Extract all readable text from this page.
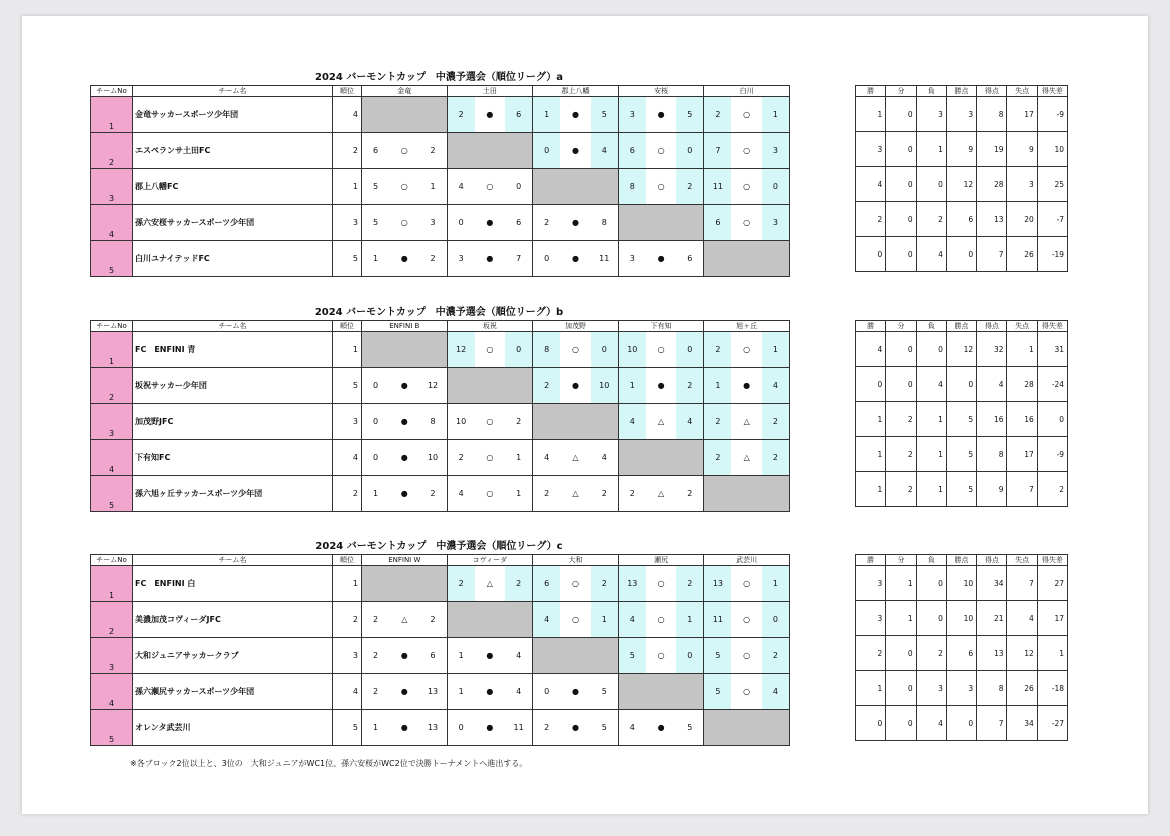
2024 バーモントカップ　中濃予選会（順位リーグ）a
チームNo	チーム名	順位	金竜	土田	郡上八幡	安桜	白川
1	金竜サッカースポーツ少年団	4		2 ● 6	1 ● 5	3 ● 5	2 ○ 1

2	エスペランサ土田FC	2	6 ○ 2		0 ● 4	6 ○ 0	7 ○ 3

3	郡上八幡FC	1	5 ○ 1	4 ○ 0		8 ○ 2	11 ○ 0

4	孫六安桜サッカースポーツ少年団	3	5 ○ 3	0 ● 6	2 ● 8		6 ○ 3

5	白川ユナイテッドFC	5	1 ● 2	3 ● 7	0 ● 11	3 ● 6	

勝	分	負	勝点	得点	失点	得失差
1	0	3	3	8	17	-9
3	0	1	9	19	9	10
4	0	0	12	28	3	25
2	0	2	6	13	20	-7
0	0	4	0	7	26	-19
2024 バーモントカップ　中濃予選会（順位リーグ）b
チームNo	チーム名	順位	ENFINI B	坂祝	加茂野	下有知	旭ヶ丘
1	FC　ENFINI 青	1		12 ○ 0	8 ○ 0	10 ○ 0	2 ○ 1

2	坂祝サッカー少年団	5	0 ● 12		2 ● 10	1 ● 2	1 ● 4

3	加茂野JFC	3	0 ● 8	10 ○ 2		4 △ 4	2 △ 2

4	下有知FC	4	0 ● 10	2 ○ 1	4 △ 4		2 △ 2

5	孫六旭ヶ丘サッカースポーツ少年団	2	1 ● 2	4 ○ 1	2 △ 2	2 △ 2	

勝	分	負	勝点	得点	失点	得失差
4	0	0	12	32	1	31
0	0	4	0	4	28	-24
1	2	1	5	16	16	0
1	2	1	5	8	17	-9
1	2	1	5	9	7	2
2024 バーモントカップ　中濃予選会（順位リーグ）c
チームNo	チーム名	順位	ENFINI W	コヴィーダ	大和	瀬尻	武芸川
1	FC　ENFINI 白	1		2 △ 2	6 ○ 2	13 ○ 2	13 ○ 1

2	美濃加茂コヴィーダJFC	2	2 △ 2		4 ○ 1	4 ○ 1	11 ○ 0

3	大和ジュニアサッカークラブ	3	2 ● 6	1 ● 4		5 ○ 0	5 ○ 2

4	孫六瀬尻サッカースポーツ少年団	4	2 ● 13	1 ● 4	0 ● 5		5 ○ 4

5	オレンタ武芸川	5	1 ● 13	0 ● 11	2 ● 5	4 ● 5	

勝	分	負	勝点	得点	失点	得失差
3	1	0	10	34	7	27
3	1	0	10	21	4	17
2	0	2	6	13	12	1
1	0	3	3	8	26	-18
0	0	4	0	7	34	-27
※各ブロック2位以上と、3位の　大和ジュニアがWC1位、孫六安桜がWC2位で決勝トーナメントへ進出する。
